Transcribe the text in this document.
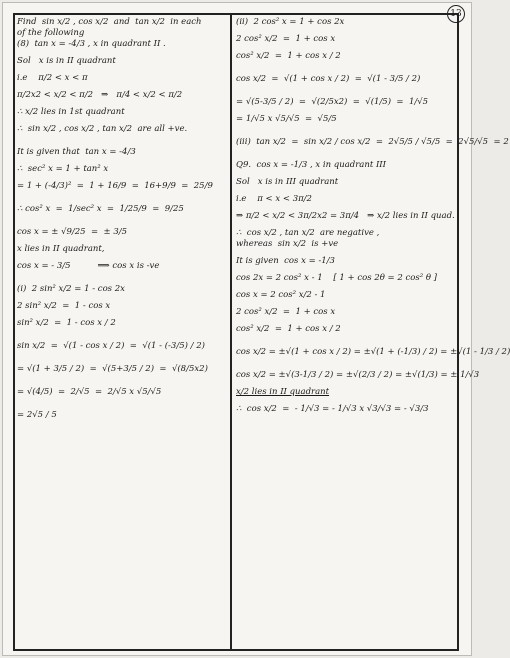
13
Find  sin x/2 , cos x/2  and  tan x/2  in each
of the following
(8)  tan x = -4/3 , x in quadrant II .
Sol   x is in II quadrant
i.e    π/2 < x < π
π/2x2 < x/2 < π/2   ⇒   π/4 < x/2 < π/2
∴ x/2 lies in 1st quadrant
∴  sin x/2 , cos x/2 , tan x/2  are all +ve.
It is given that  tan x = -4/3
∴  sec² x = 1 + tan² x
= 1 + (-4/3)²  =  1 + 16/9  =  16+9/9  =  25/9
∴ cos² x  =  1/sec² x  =  1/25/9  =  9/25
cos x = ± √9/25  =  ± 3/5
x lies in II quadrant,
cos x = - 3/5          ⟹ cos x is -ve
(i)  2 sin² x/2 = 1 - cos 2x
2 sin² x/2  =  1 - cos x
sin² x/2  =  1 - cos x / 2
sin x/2  =  √(1 - cos x / 2)  =  √(1 - (-3/5) / 2)
= √(1 + 3/5 / 2)  =  √(5+3/5 / 2)  =  √(8/5x2)
= √(4/5)  =  2/√5  =  2/√5 x √5/√5
= 2√5 / 5
(ii)  2 cos² x = 1 + cos 2x
2 cos² x/2  =  1 + cos x
cos² x/2  =  1 + cos x / 2
cos x/2  =  √(1 + cos x / 2)  =  √(1 - 3/5 / 2)
= √(5-3/5 / 2)  =  √(2/5x2)  =  √(1/5)  =  1/√5
= 1/√5 x √5/√5  =  √5/5
(iii)  tan x/2  =  sin x/2 / cos x/2  =  2√5/5 / √5/5  =  2√5/√5  = 2
Q9.  cos x = -1/3 , x in quadrant III
Sol   x is in III quadrant
i.e    π < x < 3π/2
⇒ π/2 < x/2 < 3π/2x2 = 3π/4   ⇒ x/2 lies in II quad.
∴  cos x/2 , tan x/2  are negative ,
whereas  sin x/2  is +ve
It is given  cos x = -1/3
cos 2x = 2 cos² x - 1    [ 1 + cos 2θ = 2 cos² θ ]
cos x = 2 cos² x/2 - 1
2 cos² x/2  =  1 + cos x
cos² x/2  =  1 + cos x / 2
cos x/2 = ±√(1 + cos x / 2) = ±√(1 + (-1/3) / 2) = ±√(1 - 1/3 / 2)
cos x/2 = ±√(3-1/3 / 2) = ±√(2/3 / 2) = ±√(1/3) = ± 1/√3
x/2 lies in II quadrant
∴  cos x/2  =  - 1/√3 = - 1/√3 x √3/√3 = - √3/3
